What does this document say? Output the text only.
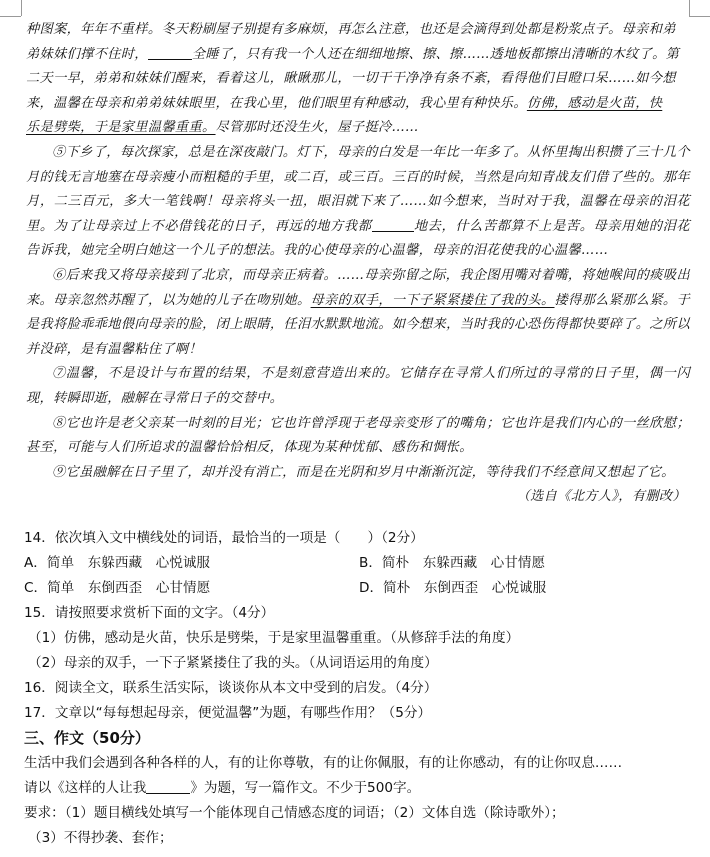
种图案，年年不重样。冬天粉刷屋子别提有多麻烦，再怎么注意，也还是会滴得到处都是粉浆点子。母亲和弟
弟妹妹们撑不住时，	全睡了，只有我一个人还在细细地擦、擦、擦……透地板都擦出清晰的木纹了。第
二天一早，弟弟和妹妹们醒来，看着这儿，瞅瞅那儿，一切干干净净有条不紊，看得他们目瞪口呆……如今想
来，温馨在母亲和弟弟妹妹眼里，在我心里，他们眼里有种感动，我心里有种快乐。仿佛，感动是火苗，快
乐是劈柴，于是家里温馨重重。尽管那时还没生火，屋子挺冷……

⑤下乡了，每次探家，总是在深夜敲门。灯下，母亲的白发是一年比一年多了。从怀里掏出积攒了三十几个月的钱无言地塞在母亲瘦小而粗糙的手里，或二百，或三百。三百的时候，当然是向知青战友们借了些的。那年月，二三百元，多大一笔钱啊！母亲将头一扭，眼泪就下来了……如今想来，当时对于我，温馨在母亲的泪花里。为了让母亲过上不必借钱花的日子，再远的地方我都	地去，什么苦都算不上是苦。母亲用她的泪花告诉我，她完全明白她这一个儿子的想法。我的心使母亲的心温馨，母亲的泪花使我的心温馨……

⑥后来我又将母亲接到了北京，而母亲正病着。……母亲弥留之际，我企图用嘴对着嘴，将她喉间的痰吸出来。母亲忽然苏醒了，以为她的儿子在吻别她。母亲的双手，一下子紧紧搂住了我的头。搂得那么紧那么紧。于是我将脸乖乖地偎向母亲的脸，闭上眼睛，任泪水默默地流。如今想来，当时我的心恐伤得都快要碎了。之所以并没碎，是有温馨粘住了啊！

⑦温馨，不是设计与布置的结果，不是刻意营造出来的。它储存在寻常人们所过的寻常的日子里，偶一闪现，转瞬即逝，融解在寻常日子的交替中。

⑧它也许是老父亲某一时刻的目光；它也许曾浮现于老母亲变形了的嘴角；它也许是我们内心的一丝欣慰；甚至，可能与人们所追求的温馨恰恰相反，体现为某种忧郁、感伤和惆怅。

⑨它虽融解在日子里了，却并没有消亡，而是在光阴和岁月中渐渐沉淀，等待我们不经意间又想起了它。

（选自《北方人》，有删改）

14．依次填入文中横线处的词语，最恰当的一项是（　　）（2分）

A．简单　东躲西藏　心悦诚服	B．简朴　东躲西藏　心甘情愿

C．简单　东倒西歪　心甘情愿	D．简朴　东倒西歪　心悦诚服

15．请按照要求赏析下面的文字。（4分）

（1）仿佛，感动是火苗，快乐是劈柴，于是家里温馨重重。（从修辞手法的角度）

（2）母亲的双手，一下子紧紧搂住了我的头。（从词语运用的角度）

16．阅读全文，联系生活实际，谈谈你从本文中受到的启发。（4分）

17．文章以“每每想起母亲，便觉温馨”为题，有哪些作用？（5分）

三、作文（50分）

生活中我们会遇到各种各样的人，有的让你尊敬，有的让你佩服，有的让你感动，有的让你叹息……

请以《这样的人让我	》为题，写一篇作文。不少于500字。

要求：（1）题目横线处填写一个能体现自己情感态度的词语；（2）文体自选（除诗歌外）；

（3）不得抄袭、套作；
